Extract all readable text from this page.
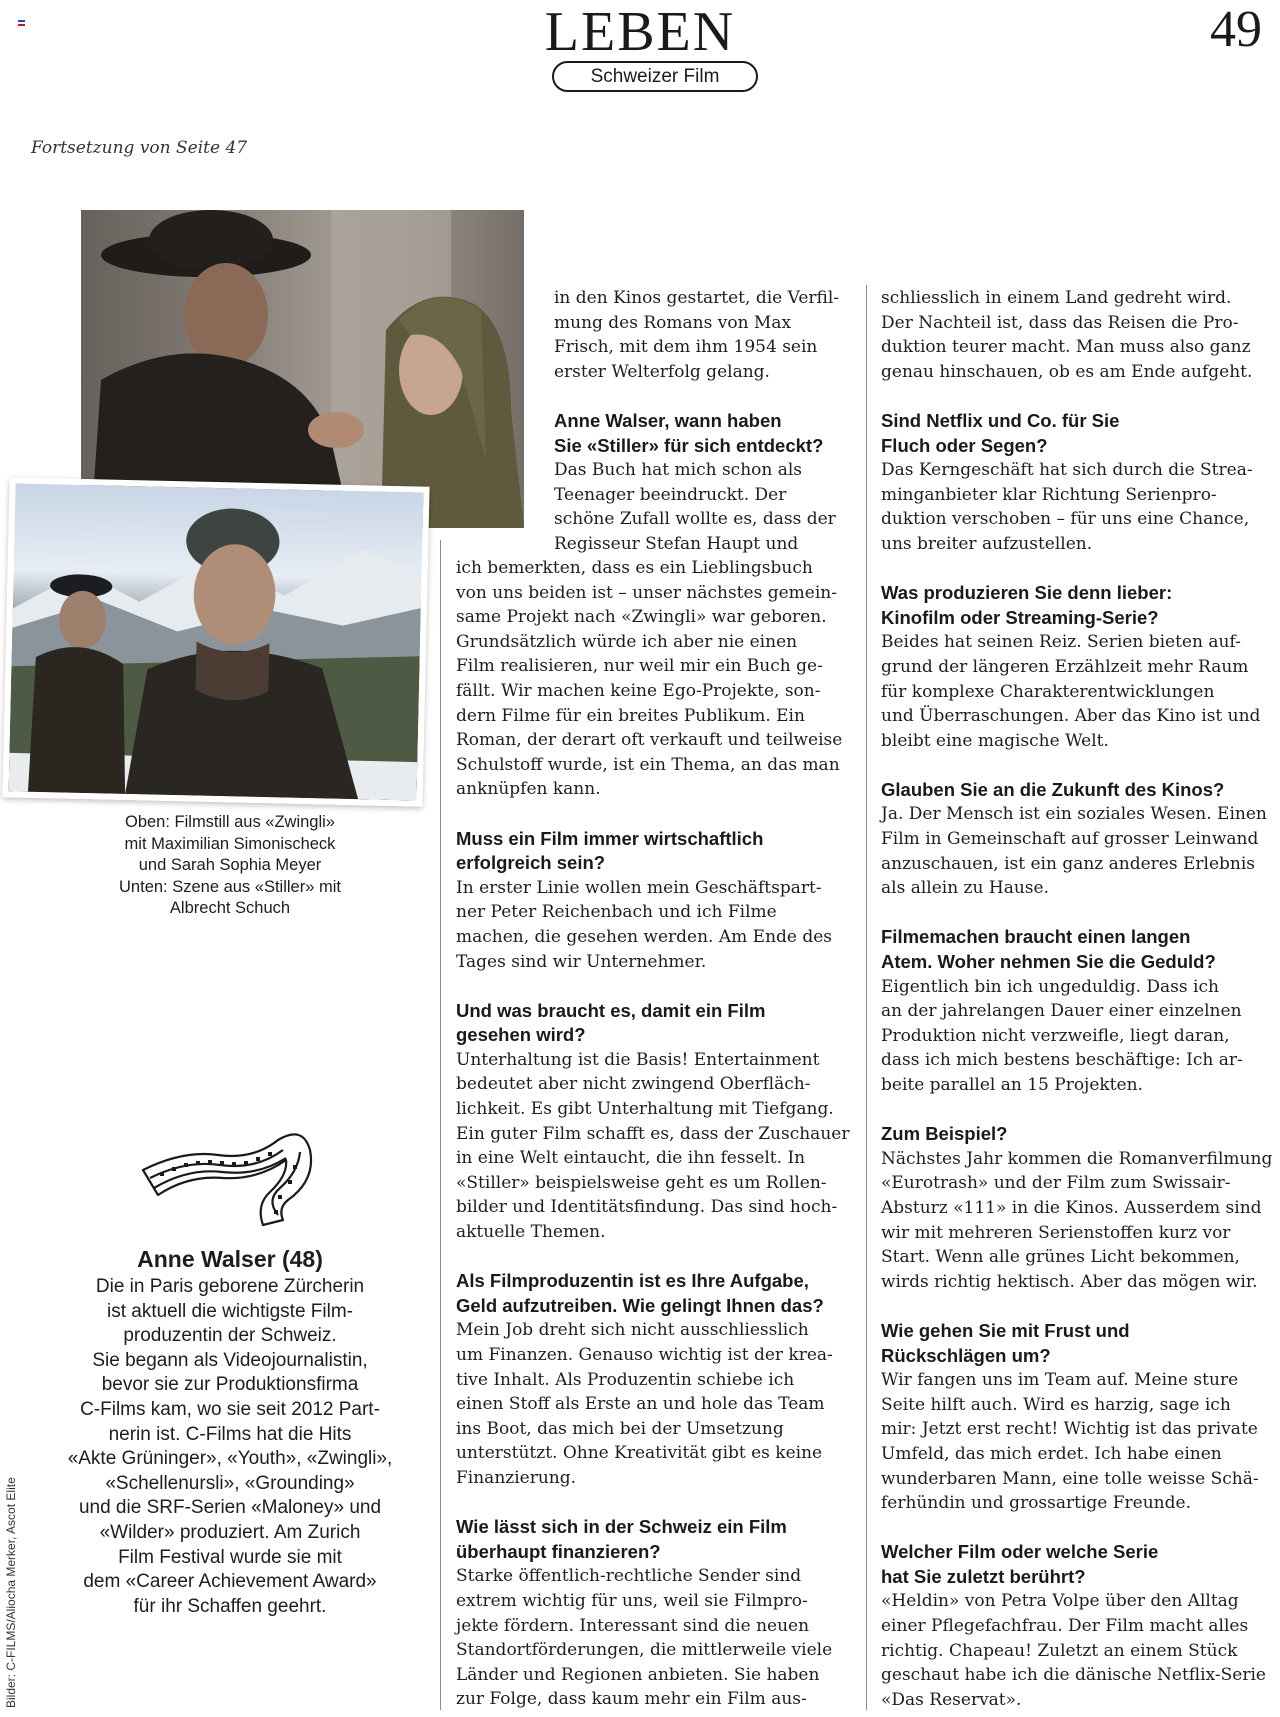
LEBEN
Schweizer Film
49
Fortsetzung von Seite 47

Oben: Filmstill aus «Zwingli»

mit Maximilian Simonischeck

und Sarah Sophia Meyer

Unten: Szene aus «Stiller» mit

Albrecht Schuch

Anne Walser (48)

Die in Paris geborene Zürcherin

ist aktuell die wichtigste Film-

produzentin der Schweiz.

Sie begann als Videojournalistin,

bevor sie zur Produktionsfirma

C-Films kam, wo sie seit 2012 Part-

nerin ist. C-Films hat die Hits

«Akte Grüninger», «Youth», «Zwingli»,

«Schellenursli», «Grounding»

und die SRF-Serien «Maloney» und

«Wilder» produziert. Am Zurich

Film Festival wurde sie mit

dem «Career Achievement Award»

für ihr Schaffen geehrt.

Bilder: C-FILMS/Aliocha Merker, Ascot Elite

in den Kinos gestartet, die Verfil-
mung des Romans von Max
Frisch, mit dem ihm 1954 sein
erster Welterfolg gelang.

Anne Walser, wann haben
Sie «Stiller» für sich entdeckt?
Das Buch hat mich schon als
Teenager beeindruckt. Der
schöne Zufall wollte es, dass der
Regisseur Stefan Haupt und

ich bemerkten, dass es ein Lieblingsbuch
von uns beiden ist – unser nächstes gemein-
same Projekt nach «Zwingli» war geboren.
Grundsätzlich würde ich aber nie einen
Film realisieren, nur weil mir ein Buch ge-
fällt. Wir machen keine Ego-Projekte, son-
dern Filme für ein breites Publikum. Ein
Roman, der derart oft verkauft und teilweise
Schulstoff wurde, ist ein Thema, an das man
anknüpfen kann.

Muss ein Film immer wirtschaftlich
erfolgreich sein?

In erster Linie wollen mein Geschäftspart-
ner Peter Reichenbach und ich Filme
machen, die gesehen werden. Am Ende des
Tages sind wir Unternehmer.

Und was braucht es, damit ein Film
gesehen wird?

Unterhaltung ist die Basis! Entertainment
bedeutet aber nicht zwingend Oberfläch-
lichkeit. Es gibt Unterhaltung mit Tiefgang.
Ein guter Film schafft es, dass der Zuschauer
in eine Welt eintaucht, die ihn fesselt. In
«Stiller» beispielsweise geht es um Rollen-
bilder und Identitätsfindung. Das sind hoch-
aktuelle Themen.

Als Filmproduzentin ist es Ihre Aufgabe,
Geld aufzutreiben. Wie gelingt Ihnen das?

Mein Job dreht sich nicht ausschliesslich
um Finanzen. Genauso wichtig ist der krea-
tive Inhalt. Als Produzentin schiebe ich
einen Stoff als Erste an und hole das Team
ins Boot, das mich bei der Umsetzung
unterstützt. Ohne Kreativität gibt es keine
Finanzierung.

Wie lässt sich in der Schweiz ein Film
überhaupt finanzieren?
Starke öffentlich-rechtliche Sender sind
extrem wichtig für uns, weil sie Filmpro-
jekte fördern. Interessant sind die neuen
Standortförderungen, die mittlerweile viele
Länder und Regionen anbieten. Sie haben
zur Folge, dass kaum mehr ein Film aus-

schliesslich in einem Land gedreht wird.
Der Nachteil ist, dass das Reisen die Pro-
duktion teurer macht. Man muss also ganz
genau hinschauen, ob es am Ende aufgeht.

Sind Netflix und Co. für Sie
Fluch oder Segen?

Das Kerngeschäft hat sich durch die Strea-
minganbieter klar Richtung Serienpro-
duktion verschoben – für uns eine Chance,
uns breiter aufzustellen.

Was produzieren Sie denn lieber:
Kinofilm oder Streaming-Serie?

Beides hat seinen Reiz. Serien bieten auf-
grund der längeren Erzählzeit mehr Raum
für komplexe Charakterentwicklungen
und Überraschungen. Aber das Kino ist und
bleibt eine magische Welt.

Glauben Sie an die Zukunft des Kinos?

Ja. Der Mensch ist ein soziales Wesen. Einen
Film in Gemeinschaft auf grosser Leinwand
anzuschauen, ist ein ganz anderes Erlebnis
als allein zu Hause.

Filmemachen braucht einen langen
Atem. Woher nehmen Sie die Geduld?

Eigentlich bin ich ungeduldig. Dass ich
an der jahrelangen Dauer einer einzelnen
Produktion nicht verzweifle, liegt daran,
dass ich mich bestens beschäftige: Ich ar-
beite parallel an 15 Projekten.

Zum Beispiel?

Nächstes Jahr kommen die Romanverfilmung
«Eurotrash» und der Film zum Swissair-
Absturz «111» in die Kinos. Ausserdem sind
wir mit mehreren Serienstoffen kurz vor
Start. Wenn alle grünes Licht bekommen,
wirds richtig hektisch. Aber das mögen wir.

Wie gehen Sie mit Frust und
Rückschlägen um?

Wir fangen uns im Team auf. Meine sture
Seite hilft auch. Wird es harzig, sage ich
mir: Jetzt erst recht! Wichtig ist das private
Umfeld, das mich erdet. Ich habe einen
wunderbaren Mann, eine tolle weisse Schä-
ferhündin und grossartige Freunde.

Welcher Film oder welche Serie
hat Sie zuletzt berührt?
«Heldin» von Petra Volpe über den Alltag
einer Pflegefachfrau. Der Film macht alles
richtig. Chapeau! Zuletzt an einem Stück
geschaut habe ich die dänische Netflix-Serie
«Das Reservat».
